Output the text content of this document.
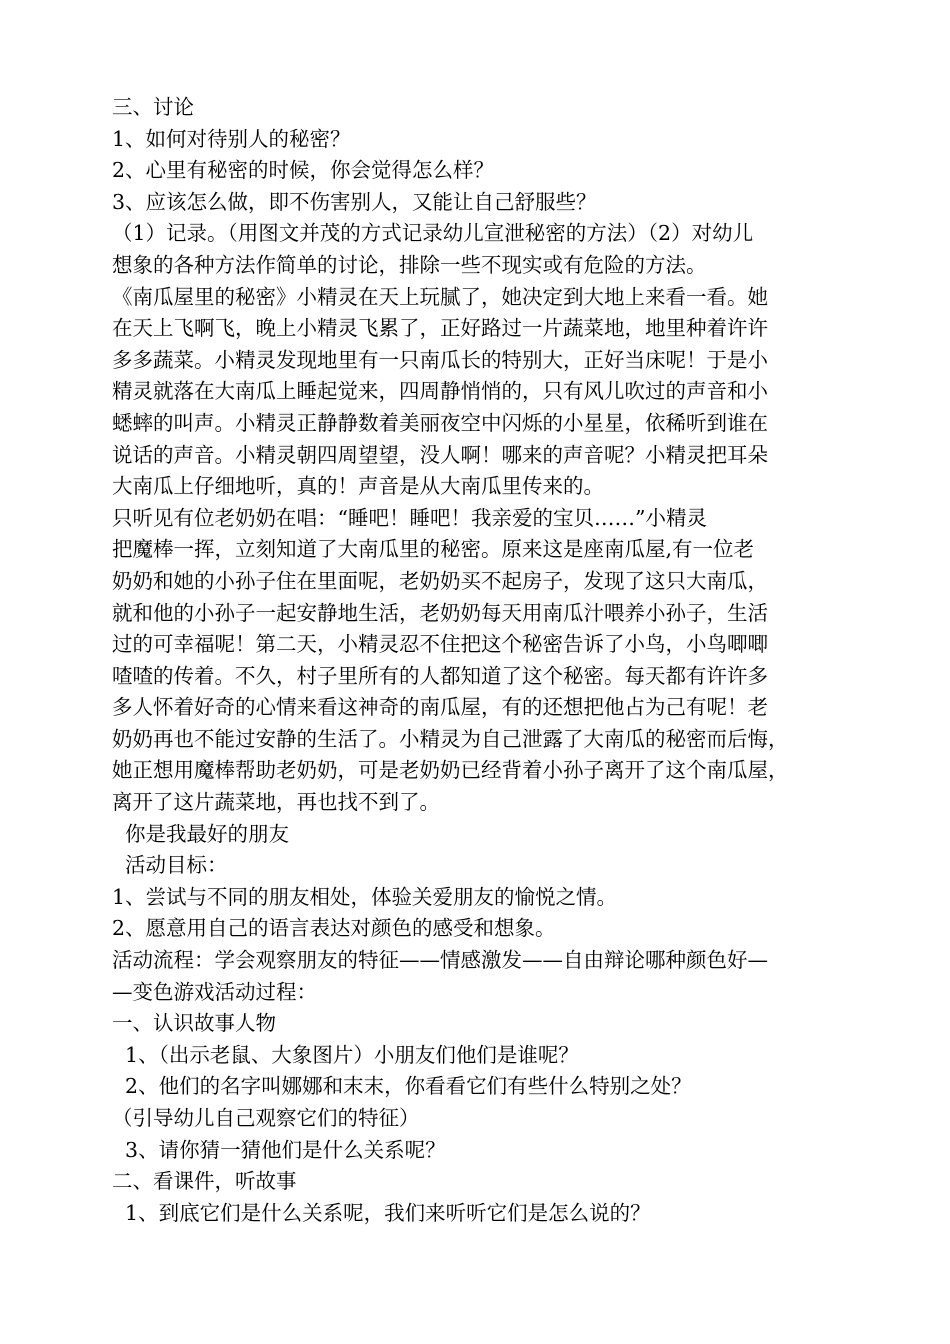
三、讨论
1、如何对待别人的秘密？
2、心里有秘密的时候，你会觉得怎么样？
3、应该怎么做，即不伤害别人，又能让自己舒服些？
（1）记录。（用图文并茂的方式记录幼儿宣泄秘密的方法）（2）对幼儿
想象的各种方法作简单的讨论，排除一些不现实或有危险的方法。
《南瓜屋里的秘密》小精灵在天上玩腻了，她决定到大地上来看一看。她
在天上飞啊飞，晚上小精灵飞累了，正好路过一片蔬菜地，地里种着许许
多多蔬菜。小精灵发现地里有一只南瓜长的特别大，正好当床呢！于是小
精灵就落在大南瓜上睡起觉来，四周静悄悄的，只有风儿吹过的声音和小
蟋蟀的叫声。小精灵正静静数着美丽夜空中闪烁的小星星，依稀听到谁在
说话的声音。小精灵朝四周望望，没人啊！哪来的声音呢？小精灵把耳朵
大南瓜上仔细地听，真的！声音是从大南瓜里传来的。
只听见有位老奶奶在唱：“睡吧！睡吧！我亲爱的宝贝……”小精灵
把魔棒一挥，立刻知道了大南瓜里的秘密。原来这是座南瓜屋,有一位老
奶奶和她的小孙子住在里面呢，老奶奶买不起房子，发现了这只大南瓜，
就和他的小孙子一起安静地生活，老奶奶每天用南瓜汁喂养小孙子，生活
过的可幸福呢！第二天，小精灵忍不住把这个秘密告诉了小鸟，小鸟唧唧
喳喳的传着。不久，村子里所有的人都知道了这个秘密。每天都有许许多
多人怀着好奇的心情来看这神奇的南瓜屋，有的还想把他占为己有呢！老
奶奶再也不能过安静的生活了。小精灵为自己泄露了大南瓜的秘密而后悔，
她正想用魔棒帮助老奶奶，可是老奶奶已经背着小孙子离开了这个南瓜屋，
离开了这片蔬菜地，再也找不到了。
你是我最好的朋友
活动目标：
1、尝试与不同的朋友相处，体验关爱朋友的愉悦之情。
2、愿意用自己的语言表达对颜色的感受和想象。
活动流程：学会观察朋友的特征——情感激发——自由辩论哪种颜色好—
—变色游戏活动过程：
一、认识故事人物
1、（出示老鼠、大象图片）小朋友们他们是谁呢？
2、他们的名字叫娜娜和末末，你看看它们有些什么特别之处？
（引导幼儿自己观察它们的特征）
3、请你猜一猜他们是什么关系呢？
二、看课件，听故事
1、到底它们是什么关系呢，我们来听听它们是怎么说的？
